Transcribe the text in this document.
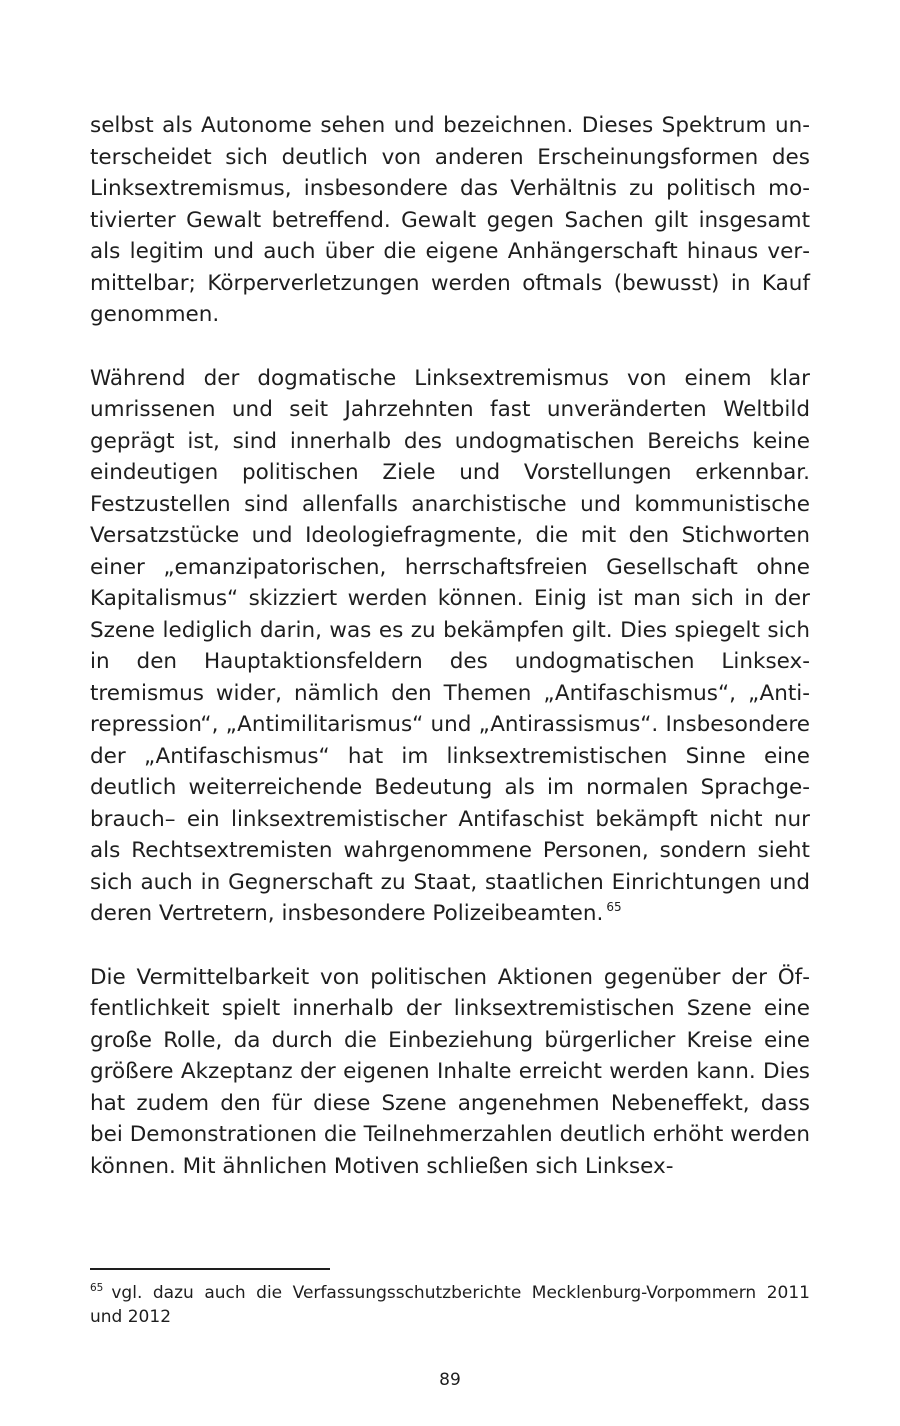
selbst als Autonome sehen und bezeichnen. Dieses Spektrum unterscheidet sich deutlich von anderen Erscheinungsformen des Linksextremismus, insbesondere das Verhältnis zu politisch motivierter Gewalt betreffend. Gewalt gegen Sachen gilt insgesamt als legitim und auch über die eigene Anhängerschaft hinaus vermittelbar; Körperverletzungen werden oftmals (bewusst) in Kauf genommen.

Während der dogmatische Linksextremismus von einem klar umrissenen und seit Jahrzehnten fast unveränderten Weltbild geprägt ist, sind innerhalb des undogmatischen Bereichs keine eindeutigen politischen Ziele und Vorstellungen erkennbar. Festzustellen sind allenfalls anarchistische und kommunistische Versatzstücke und Ideologiefragmente, die mit den Stichworten einer „emanzipatorischen, herrschaftsfreien Gesellschaft ohne Kapitalismus“ skizziert werden können. Einig ist man sich in der Szene lediglich darin, was es zu bekämpfen gilt. Dies spiegelt sich in den Hauptaktionsfeldern des undogmatischen Linksextremismus wider, nämlich den Themen „Antifaschismus“, „Antirepression“, „Antimilitarismus“ und „Antirassismus“. Insbesondere der „Antifaschismus“ hat im linksextremistischen Sinne eine deutlich weiterreichende Bedeutung als im normalen Sprachgebrauch– ein linksextremistischer Antifaschist bekämpft nicht nur als Rechtsextremisten wahrgenommene Personen, sondern sieht sich auch in Gegnerschaft zu Staat, staatlichen Einrichtungen und deren Vertretern, insbesondere Polizeibeamten. $^{65}$

Die Vermittelbarkeit von politischen Aktionen gegenüber der Öffentlichkeit spielt innerhalb der linksextremistischen Szene eine große Rolle, da durch die Einbeziehung bürgerlicher Kreise eine größere Akzeptanz der eigenen Inhalte erreicht werden kann. Dies hat zudem den für diese Szene angenehmen Nebeneffekt, dass bei Demonstrationen die Teilnehmerzahlen deutlich erhöht werden können. Mit ähnlichen Motiven schließen sich Linksex-

$^{65}$ vgl. dazu auch die Verfassungsschutzberichte Mecklenburg-Vorpommern 2011 und 2012
89
